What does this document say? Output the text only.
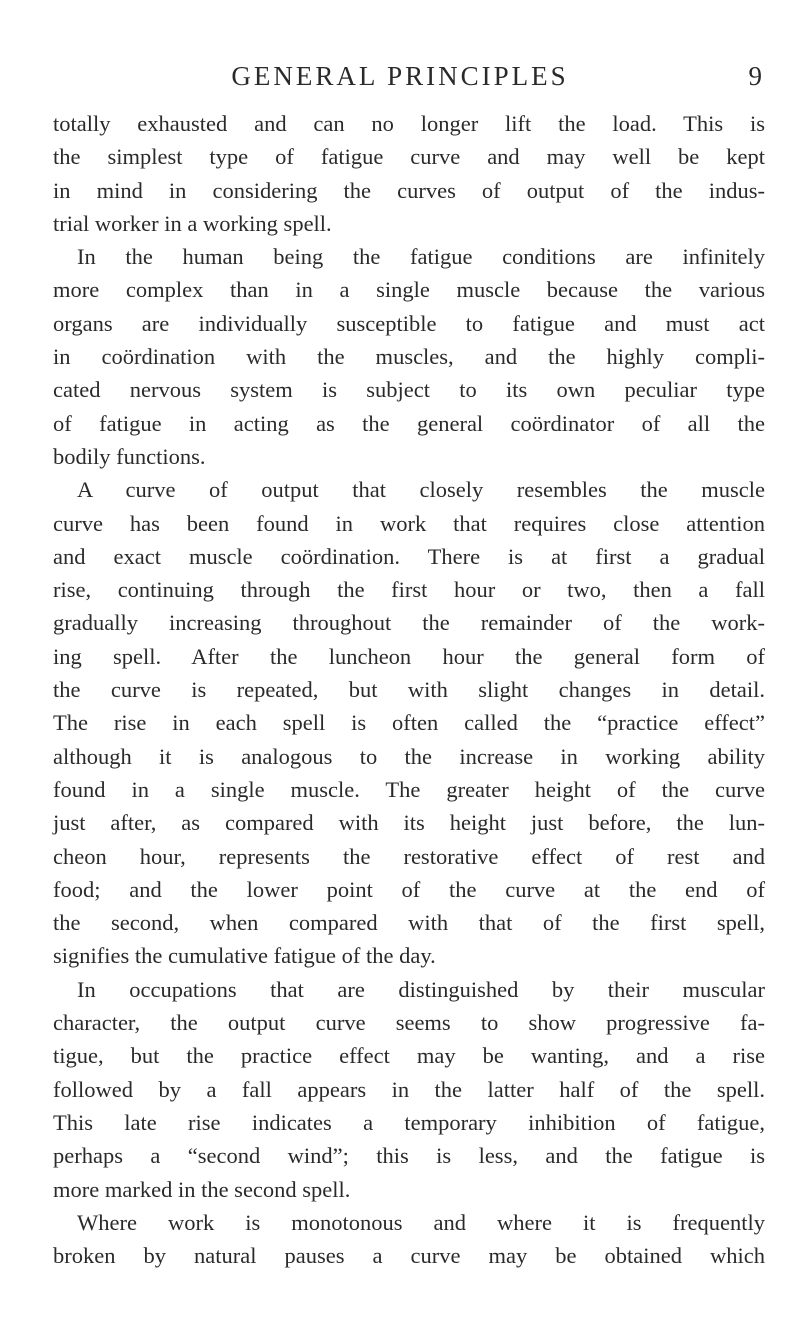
GENERAL PRINCIPLES	9
totally exhausted and can no longer lift the load. This is
the simplest type of fatigue curve and may well be kept
in mind in considering the curves of output of the indus-
trial worker in a working spell.
In the human being the fatigue conditions are infinitely
more complex than in a single muscle because the various
organs are individually susceptible to fatigue and must act
in coördination with the muscles, and the highly compli-
cated nervous system is subject to its own peculiar type
of fatigue in acting as the general coördinator of all the
bodily functions.
A curve of output that closely resembles the muscle
curve has been found in work that requires close attention
and exact muscle coördination. There is at first a gradual
rise, continuing through the first hour or two, then a fall
gradually increasing throughout the remainder of the work-
ing spell. After the luncheon hour the general form of
the curve is repeated, but with slight changes in detail.
The rise in each spell is often called the “practice effect”
although it is analogous to the increase in working ability
found in a single muscle. The greater height of the curve
just after, as compared with its height just before, the lun-
cheon hour, represents the restorative effect of rest and
food; and the lower point of the curve at the end of
the second, when compared with that of the first spell,
signifies the cumulative fatigue of the day.
In occupations that are distinguished by their muscular
character, the output curve seems to show progressive fa-
tigue, but the practice effect may be wanting, and a rise
followed by a fall appears in the latter half of the spell.
This late rise indicates a temporary inhibition of fatigue,
perhaps a “second wind”; this is less, and the fatigue is
more marked in the second spell.
Where work is monotonous and where it is frequently
broken by natural pauses a curve may be obtained which
